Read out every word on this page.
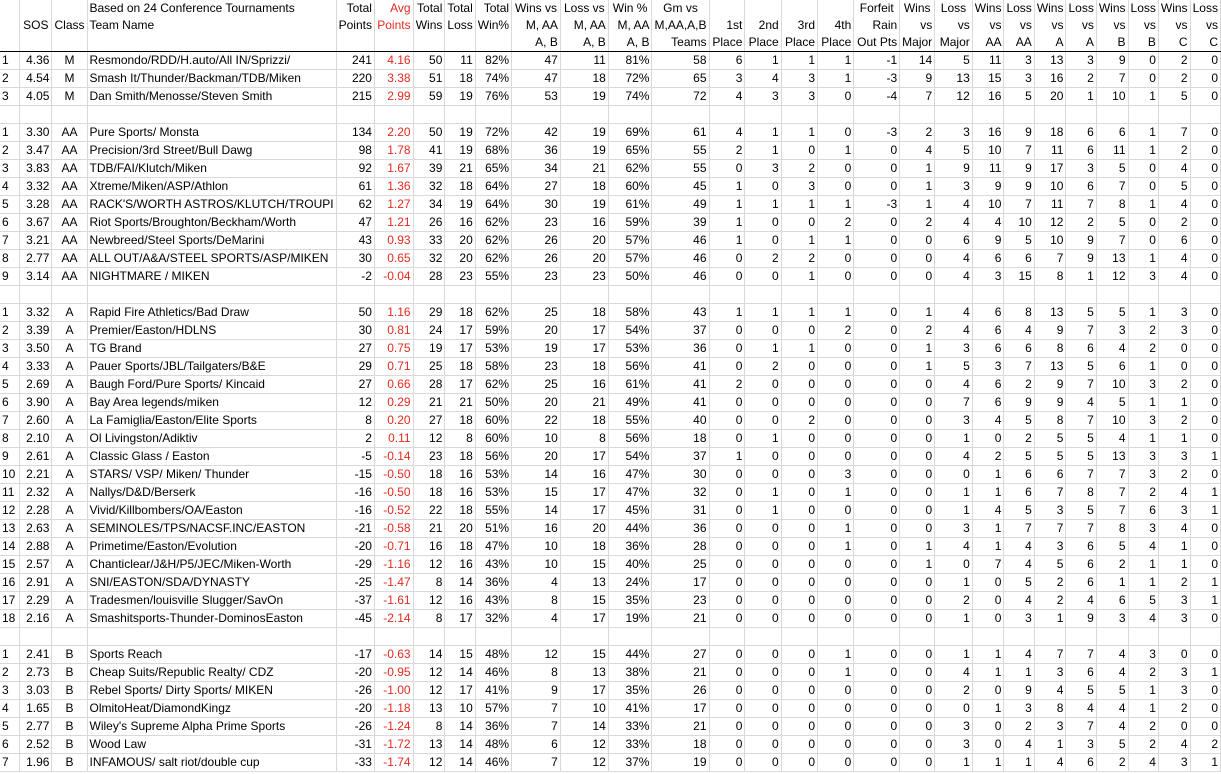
			Based on 24 Conference Tournaments	Total	Avg	Total	Total	Total	Wins vs	Loss vs	Win %	Gm vs					Forfeit	Wins	Loss	Wins	Loss	Wins	Loss	Wins	Loss	Wins	Loss
	SOS	Class	Team Name	Points	Points	Wins	Loss	Win%	M, AA	M, AA	M, AA	M,AA,A,B	1st	2nd	3rd	4th	Rain	vs	vs	vs	vs	vs	vs	vs	vs	vs	vs
									A, B	A, B	A, B	Teams	Place	Place	Place	Place	Out Pts	Major	Major	AA	AA	A	A	B	B	C	C
1	4.36	M	Resmondo/RDD/H.auto/All IN/Sprizzi/	241	4.16	50	11	82%	47	11	81%	58	6	1	1	1	-1	14	5	11	3	13	3	9	0	2	0
2	4.54	M	Smash It/Thunder/Backman/TDB/Miken	220	3.38	51	18	74%	47	18	72%	65	3	4	3	1	-3	9	13	15	3	16	2	7	0	2	0
3	4.05	M	Dan Smith/Menosse/Steven Smith	215	2.99	59	19	76%	53	19	74%	72	4	3	3	0	-4	7	12	16	5	20	1	10	1	5	0

1	3.30	AA	Pure Sports/ Monsta	134	2.20	50	19	72%	42	19	69%	61	4	1	1	0	-3	2	3	16	9	18	6	6	1	7	0
2	3.47	AA	Precision/3rd Street/Bull Dawg	98	1.78	41	19	68%	36	19	65%	55	2	1	0	1	0	4	5	10	7	11	6	11	1	2	0
3	3.83	AA	TDB/FAI/Klutch/Miken	92	1.67	39	21	65%	34	21	62%	55	0	3	2	0	0	1	9	11	9	17	3	5	0	4	0
4	3.32	AA	Xtreme/Miken/ASP/Athlon	61	1.36	32	18	64%	27	18	60%	45	1	0	3	0	0	1	3	9	9	10	6	7	0	5	0
5	3.28	AA	RACK'S/WORTH ASTROS/KLUTCH/TROUPI	62	1.27	34	19	64%	30	19	61%	49	1	1	1	1	-3	1	4	10	7	11	7	8	1	4	0
6	3.67	AA	Riot Sports/Broughton/Beckham/Worth	47	1.21	26	16	62%	23	16	59%	39	1	0	0	2	0	2	4	4	10	12	2	5	0	2	0
7	3.21	AA	Newbreed/Steel Sports/DeMarini	43	0.93	33	20	62%	26	20	57%	46	1	0	1	1	0	0	6	9	5	10	9	7	0	6	0
8	2.77	AA	ALL OUT/A&A/STEEL SPORTS/ASP/MIKEN	30	0.65	32	20	62%	26	20	57%	46	0	2	2	0	0	0	4	6	6	7	9	13	1	4	0
9	3.14	AA	NIGHTMARE / MIKEN	-2	-0.04	28	23	55%	23	23	50%	46	0	0	1	0	0	0	4	3	15	8	1	12	3	4	0

1	3.32	A	Rapid Fire Athletics/Bad Draw	50	1.16	29	18	62%	25	18	58%	43	1	1	1	1	0	1	4	6	8	13	5	5	1	3	0
2	3.39	A	Premier/Easton/HDLNS	30	0.81	24	17	59%	20	17	54%	37	0	0	0	2	0	2	4	6	4	9	7	3	2	3	0
3	3.50	A	TG Brand	27	0.75	19	17	53%	19	17	53%	36	0	1	1	0	0	1	3	6	6	8	6	4	2	0	0
4	3.33	A	Pauer Sports/JBL/Tailgaters/B&E	29	0.71	25	18	58%	23	18	56%	41	0	2	0	0	0	1	5	3	7	13	5	6	1	0	0
5	2.69	A	Baugh Ford/Pure Sports/ Kincaid	27	0.66	28	17	62%	25	16	61%	41	2	0	0	0	0	0	4	6	2	9	7	10	3	2	0
6	3.90	A	Bay Area legends/miken	12	0.29	21	21	50%	20	21	49%	41	0	0	0	0	0	0	7	6	9	9	4	5	1	1	0
7	2.60	A	La Famiglia/Easton/Elite Sports	8	0.20	27	18	60%	22	18	55%	40	0	0	2	0	0	0	3	4	5	8	7	10	3	2	0
8	2.10	A	Ol Livingston/Adiktiv	2	0.11	12	8	60%	10	8	56%	18	0	1	0	0	0	0	1	0	2	5	5	4	1	1	0
9	2.61	A	Classic Glass / Easton	-5	-0.14	23	18	56%	20	17	54%	37	1	0	0	0	0	0	4	2	5	5	5	13	3	3	1
10	2.21	A	STARS/ VSP/ Miken/ Thunder	-15	-0.50	18	16	53%	14	16	47%	30	0	0	0	3	0	0	0	1	6	6	7	7	3	2	0
11	2.32	A	Nallys/D&D/Berserk	-16	-0.50	18	16	53%	15	17	47%	32	0	1	0	1	0	0	1	1	6	7	8	7	2	4	1
12	2.28	A	Vivid/Killbombers/OA/Easton	-16	-0.52	22	18	55%	14	17	45%	31	0	1	0	0	0	0	1	4	5	3	5	7	6	3	1
13	2.63	A	SEMINOLES/TPS/NACSF.INC/EASTON	-21	-0.58	21	20	51%	16	20	44%	36	0	0	0	1	0	0	3	1	7	7	7	8	3	4	0
14	2.88	A	Primetime/Easton/Evolution	-20	-0.71	16	18	47%	10	18	36%	28	0	0	0	1	0	1	4	1	4	3	6	5	4	1	0
15	2.57	A	Chanticlear/J&H/P5/JEC/Miken-Worth	-29	-1.16	12	16	43%	10	15	40%	25	0	0	0	0	0	1	0	7	4	5	6	2	1	1	0
16	2.91	A	SNI/EASTON/SDA/DYNASTY	-25	-1.47	8	14	36%	4	13	24%	17	0	0	0	0	0	0	1	0	5	2	6	1	1	2	1
17	2.29	A	Tradesmen/louisville Slugger/SavOn	-37	-1.61	12	16	43%	8	15	35%	23	0	0	0	0	0	0	2	0	4	2	4	6	5	3	1
18	2.16	A	Smashitsports-Thunder-DominosEaston	-45	-2.14	8	17	32%	4	17	19%	21	0	0	0	0	0	0	1	0	3	1	9	3	4	3	0

1	2.41	B	Sports Reach	-17	-0.63	14	15	48%	12	15	44%	27	0	0	0	1	0	0	1	1	4	7	7	4	3	0	0
2	2.73	B	Cheap Suits/Republic Realty/ CDZ	-20	-0.95	12	14	46%	8	13	38%	21	0	0	0	1	0	0	4	1	1	3	6	4	2	3	1
3	3.03	B	Rebel Sports/ Dirty Sports/ MIKEN	-26	-1.00	12	17	41%	9	17	35%	26	0	0	0	0	0	0	2	0	9	4	5	5	1	3	0
4	1.65	B	OlmitoHeat/DiamondKingz	-20	-1.18	13	10	57%	7	10	41%	17	0	0	0	0	0	0	0	1	3	8	4	4	1	2	0
5	2.77	B	Wiley's Supreme Alpha Prime Sports	-26	-1.24	8	14	36%	7	14	33%	21	0	0	0	0	0	0	3	0	2	3	7	4	2	0	0
6	2.52	B	Wood Law	-31	-1.72	13	14	48%	6	12	33%	18	0	0	0	0	0	0	3	0	4	1	3	5	2	4	2
7	1.96	B	INFAMOUS/ salt riot/double cup	-33	-1.74	12	14	46%	7	12	37%	19	0	0	0	0	0	0	1	1	1	4	6	2	4	3	1
